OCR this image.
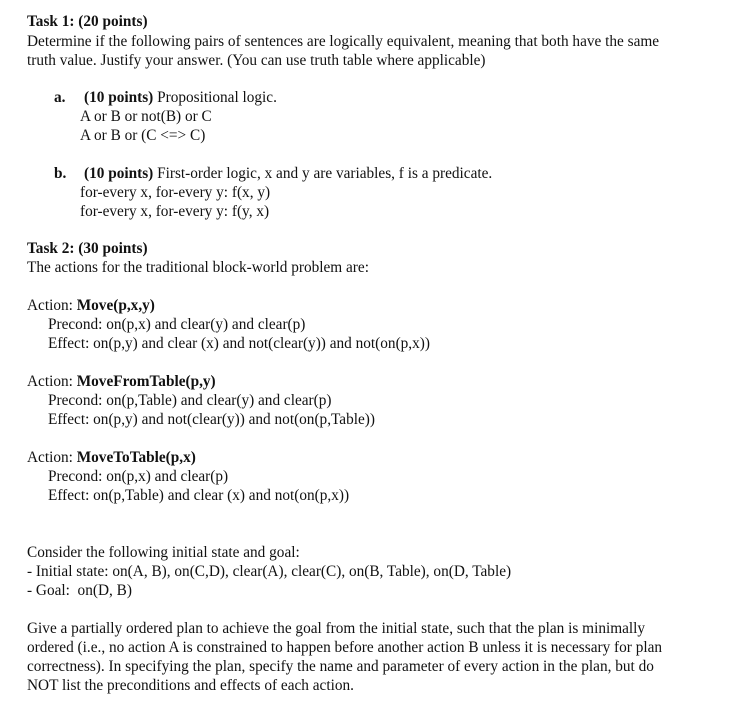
Task 1: (20 points)
Determine if the following pairs of sentences are logically equivalent, meaning that both have the same
truth value. Justify your answer. (You can use truth table where applicable)
a. (10 points) Propositional logic.
A or B or not(B) or C
A or B or (C <=> C)
b. (10 points) First-order logic, x and y are variables, f is a predicate.
for-every x, for-every y: f(x, y)
for-every x, for-every y: f(y, x)
Task 2: (30 points)
The actions for the traditional block-world problem are:
Action: Move(p,x,y)
Precond: on(p,x) and clear(y) and clear(p)
Effect: on(p,y) and clear (x) and not(clear(y)) and not(on(p,x))
Action: MoveFromTable(p,y)
Precond: on(p,Table) and clear(y) and clear(p)
Effect: on(p,y) and not(clear(y)) and not(on(p,Table))
Action: MoveToTable(p,x)
Precond: on(p,x) and clear(p)
Effect: on(p,Table) and clear (x) and not(on(p,x))
Consider the following initial state and goal:
- Initial state: on(A, B), on(C,D), clear(A), clear(C), on(B, Table), on(D, Table)
- Goal:  on(D, B)
Give a partially ordered plan to achieve the goal from the initial state, such that the plan is minimally
ordered (i.e., no action A is constrained to happen before another action B unless it is necessary for plan
correctness). In specifying the plan, specify the name and parameter of every action in the plan, but do
NOT list the preconditions and effects of each action.
